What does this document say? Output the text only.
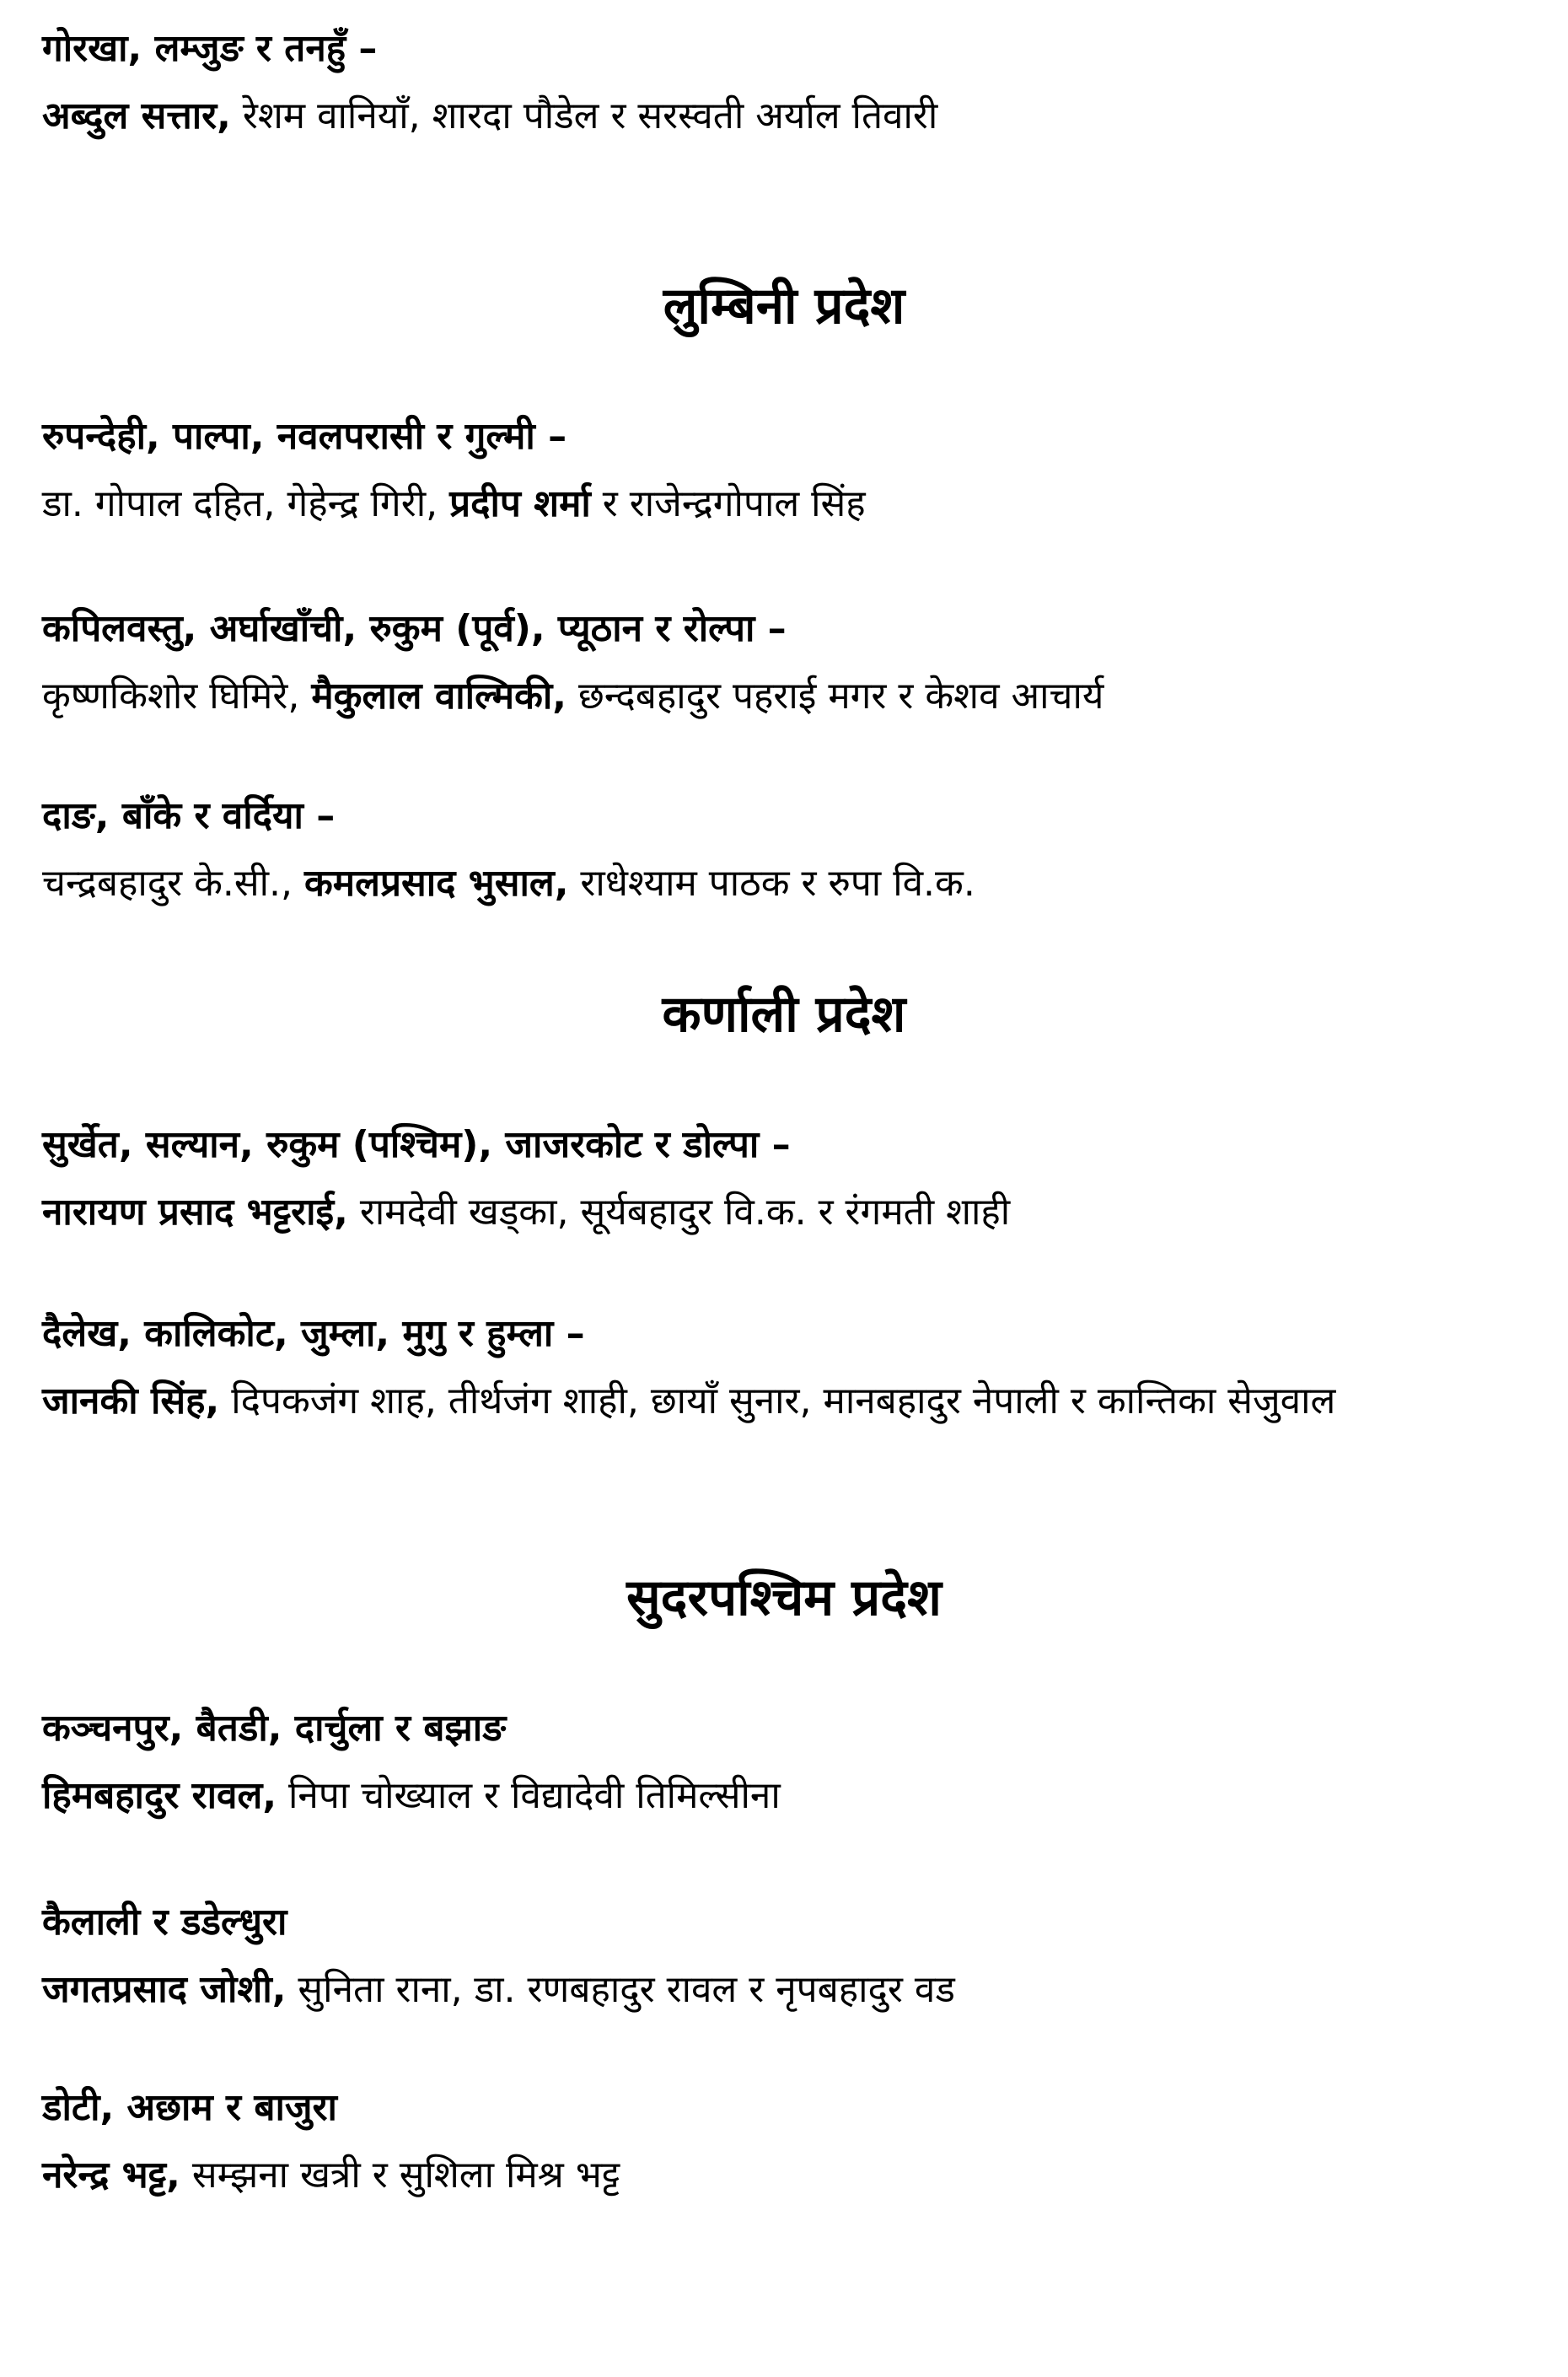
गोरखा, लम्जुङ र तनहुँ –
अब्दुल सत्तार, रेशम वानियाँ, शारदा पौडेल र सरस्वती अर्याल तिवारी
लुम्बिनी प्रदेश
रुपन्देही, पाल्पा, नवलपरासी र गुल्मी –
डा. गोपाल दहित, गेहेन्द्र गिरी, प्रदीप शर्मा र राजेन्द्रगोपाल सिंह
कपिलवस्तु, अर्घाखाँची, रुकुम (पूर्व), प्यूठान र रोल्पा –
कृष्णकिशोर घिमिरे, मैकुलाल वाल्मिकी, छन्दबहादुर पहराई मगर र केशव आचार्य
दाङ, बाँके र वर्दिया –
चन्द्रबहादुर के.सी., कमलप्रसाद भुसाल, राधेश्याम पाठक र रुपा वि.क.
कर्णाली प्रदेश
सुर्खेत, सल्यान, रुकुम (पश्चिम), जाजरकोट र डोल्पा –
नारायण प्रसाद भट्टराई, रामदेवी खड्का, सूर्यबहादुर वि.क. र रंगमती शाही
दैलेख, कालिकोट, जुम्ला, मुगु र हुम्ला –
जानकी सिंह, दिपकजंग शाह, तीर्थजंग शाही, छायाँ सुनार, मानबहादुर नेपाली र कान्तिका सेजुवाल
सुदरपश्चिम प्रदेश
कञ्चनपुर, बैतडी, दार्चुला र बझाङ
हिमबहादुर रावल, निपा चोख्याल र विद्यादेवी तिमिल्सीना
कैलाली र डडेल्धुरा
जगतप्रसाद जोशी, सुनिता राना, डा. रणबहादुर रावल र नृपबहादुर वड
डोटी, अछाम र बाजुरा
नरेन्द्र भट्ट, सम्झना खत्री र सुशिला मिश्र भट्ट
